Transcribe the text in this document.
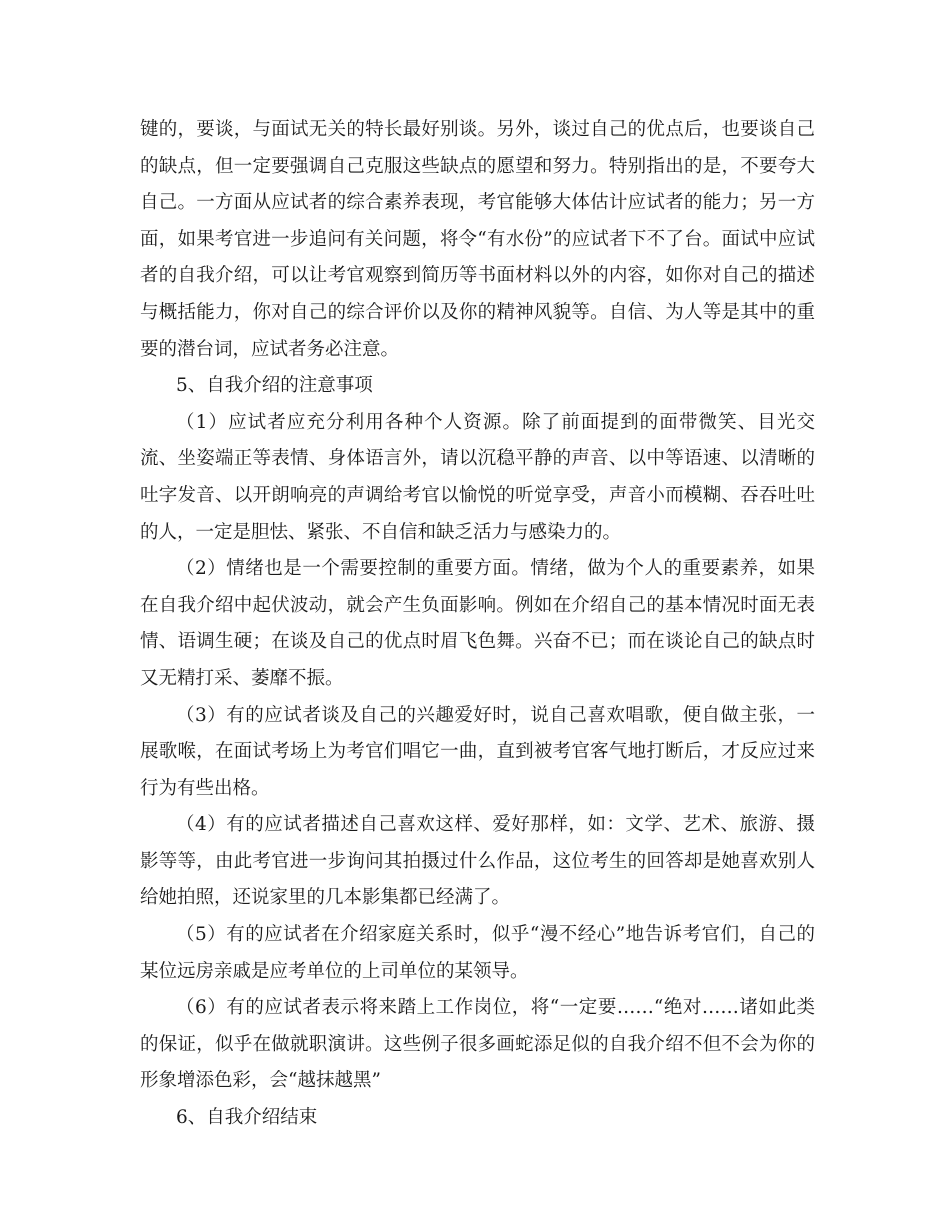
键的，要谈，与面试无关的特长最好别谈。另外，谈过自己的优点后，也要谈自己的缺点，但一定要强调自己克服这些缺点的愿望和努力。特别指出的是，不要夸大自己。一方面从应试者的综合素养表现，考官能够大体估计应试者的能力；另一方面，如果考官进一步追问有关问题，将令“有水份”的应试者下不了台。面试中应试者的自我介绍，可以让考官观察到简历等书面材料以外的内容，如你对自己的描述与概括能力，你对自己的综合评价以及你的精神风貌等。自信、为人等是其中的重要的潜台词，应试者务必注意。

5、自我介绍的注意事项

（1）应试者应充分利用各种个人资源。除了前面提到的面带微笑、目光交流、坐姿端正等表情、身体语言外，请以沉稳平静的声音、以中等语速、以清晰的吐字发音、以开朗响亮的声调给考官以愉悦的听觉享受，声音小而模糊、吞吞吐吐的人，一定是胆怯、紧张、不自信和缺乏活力与感染力的。

（2）情绪也是一个需要控制的重要方面。情绪，做为个人的重要素养，如果在自我介绍中起伏波动，就会产生负面影响。例如在介绍自己的基本情况时面无表情、语调生硬；在谈及自己的优点时眉飞色舞。兴奋不已；而在谈论自己的缺点时又无精打采、萎靡不振。

（3）有的应试者谈及自己的兴趣爱好时，说自己喜欢唱歌，便自做主张，一展歌喉，在面试考场上为考官们唱它一曲，直到被考官客气地打断后，才反应过来行为有些出格。

（4）有的应试者描述自己喜欢这样、爱好那样，如：文学、艺术、旅游、摄影等等，由此考官进一步询问其拍摄过什么作品，这位考生的回答却是她喜欢别人给她拍照，还说家里的几本影集都已经满了。

（5）有的应试者在介绍家庭关系时，似乎“漫不经心”地告诉考官们，自己的某位远房亲戚是应考单位的上司单位的某领导。

（6）有的应试者表示将来踏上工作岗位，将“一定要……“绝对……诸如此类的保证，似乎在做就职演讲。这些例子很多画蛇添足似的自我介绍不但不会为你的形象增添色彩，会“越抹越黑”

6、自我介绍结束
